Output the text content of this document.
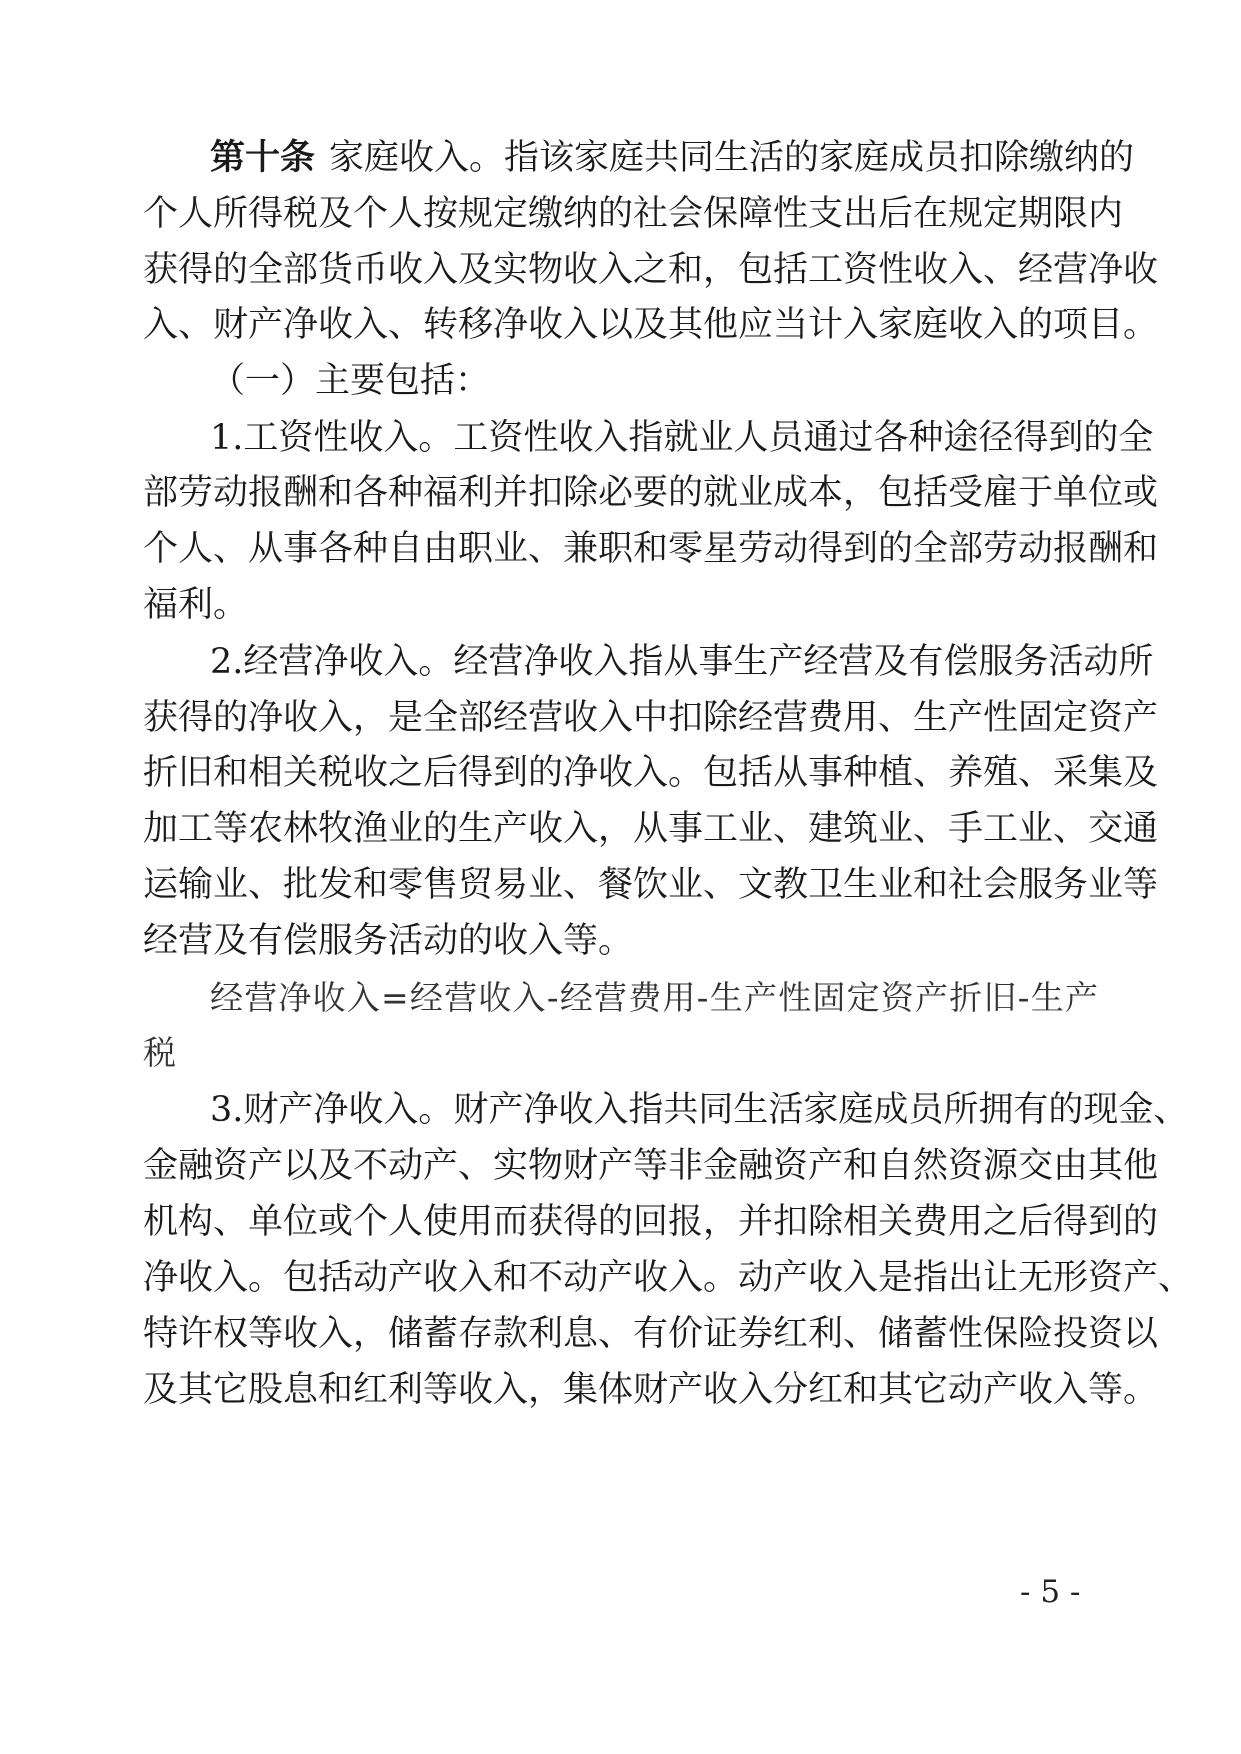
第十条 家庭收入。指该家庭共同生活的家庭成员扣除缴纳的
个人所得税及个人按规定缴纳的社会保障性支出后在规定期限内
获得的全部货币收入及实物收入之和，包括工资性收入、经营净收
入、财产净收入、转移净收入以及其他应当计入家庭收入的项目。
（一）主要包括：
1.工资性收入。工资性收入指就业人员通过各种途径得到的全
部劳动报酬和各种福利并扣除必要的就业成本，包括受雇于单位或
个人、从事各种自由职业、兼职和零星劳动得到的全部劳动报酬和
福利。
2.经营净收入。经营净收入指从事生产经营及有偿服务活动所
获得的净收入，是全部经营收入中扣除经营费用、生产性固定资产
折旧和相关税收之后得到的净收入。包括从事种植、养殖、采集及
加工等农林牧渔业的生产收入，从事工业、建筑业、手工业、交通
运输业、批发和零售贸易业、餐饮业、文教卫生业和社会服务业等
经营及有偿服务活动的收入等。
经营净收入=经营收入-经营费用-生产性固定资产折旧-生产
税
3.财产净收入。财产净收入指共同生活家庭成员所拥有的现金、
金融资产以及不动产、实物财产等非金融资产和自然资源交由其他
机构、单位或个人使用而获得的回报，并扣除相关费用之后得到的
净收入。包括动产收入和不动产收入。动产收入是指出让无形资产、
特许权等收入，储蓄存款利息、有价证券红利、储蓄性保险投资以
及其它股息和红利等收入，集体财产收入分红和其它动产收入等。
- 5 -
